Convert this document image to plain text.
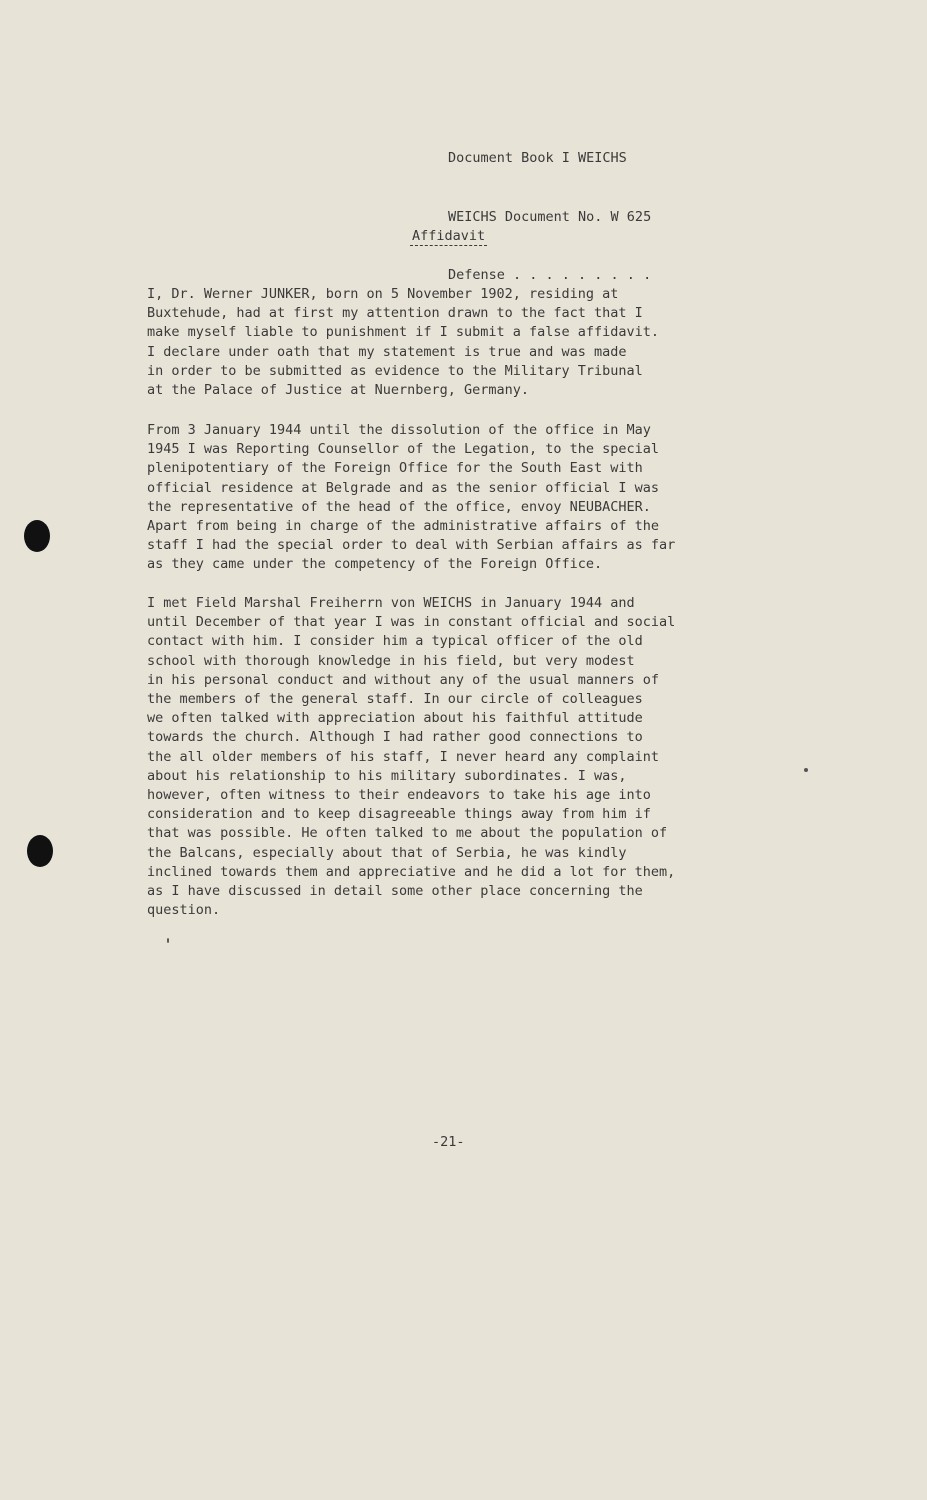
Document Book I WEICHS

WEICHS Document No. W 625

Defense . . . . . . . . .

Affidavit
I, Dr. Werner JUNKER, born on 5 November 1902, residing at
Buxtehude, had at first my attention drawn to the fact that I
make myself liable to punishment if I submit a false affidavit.
I declare under oath that my statement is true and was made
in order to be submitted as evidence to the Military Tribunal
at the Palace of Justice at Nuernberg, Germany.
From 3 January 1944 until the dissolution of the office in May
1945 I was Reporting Counsellor of the Legation, to the special
plenipotentiary of the Foreign Office for the South East with
official residence at Belgrade and as the senior official I was
the representative of the head of the office, envoy NEUBACHER.
Apart from being in charge of the administrative affairs of the
staff I had the special order to deal with Serbian affairs as far
as they came under the competency of the Foreign Office.
I met Field Marshal Freiherrn von WEICHS in January 1944 and
until December of that year I was in constant official and social
contact with him. I consider him a typical officer of the old
school with thorough knowledge in his field, but very modest
in his personal conduct and without any of the usual manners of
the members of the general staff. In our circle of colleagues
we often talked with appreciation about his faithful attitude
towards the church. Although I had rather good connections to
the all older members of his staff, I never heard any complaint
about his relationship to his military subordinates. I was,
however, often witness to their endeavors to take his age into
consideration and to keep disagreeable things away from him if
that was possible. He often talked to me about the population of
the Balcans, especially about that of Serbia, he was kindly
inclined towards them and appreciative and he did a lot for them,
as I have discussed in detail some other place concerning the
question.
-21-
